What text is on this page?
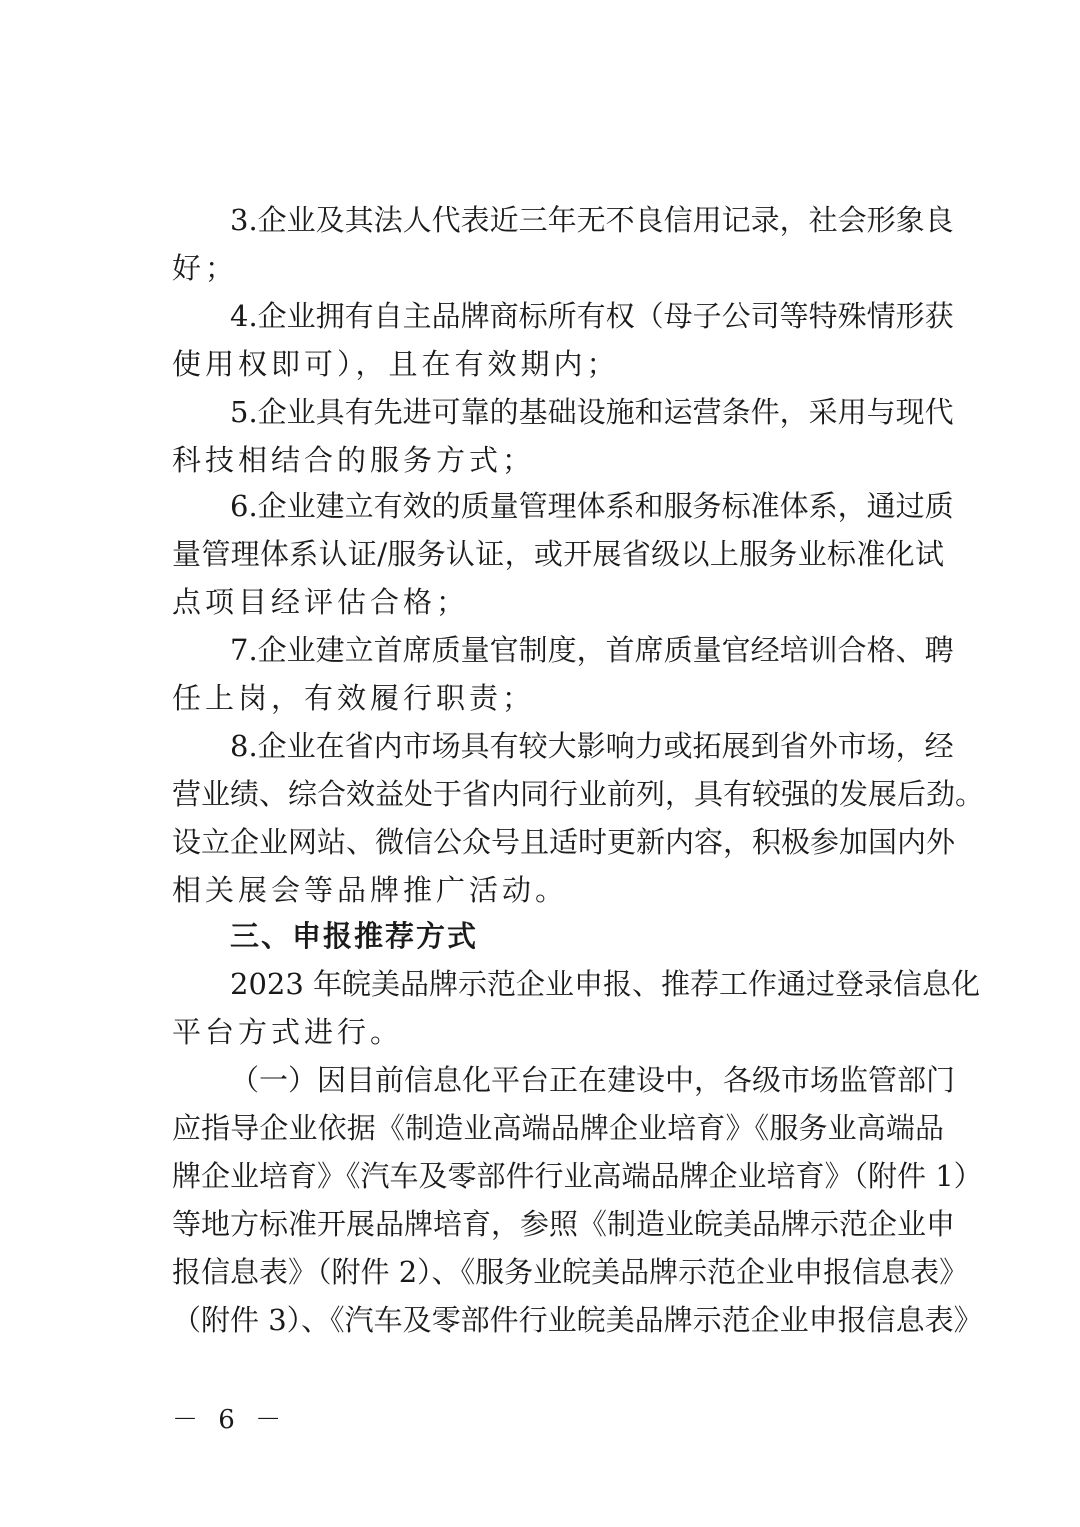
3.企业及其法人代表近三年无不良信用记录，社会形象良
好；
4.企业拥有自主品牌商标所有权（母子公司等特殊情形获
使用权即可），且在有效期内；
5.企业具有先进可靠的基础设施和运营条件，采用与现代
科技相结合的服务方式；
6.企业建立有效的质量管理体系和服务标准体系，通过质
量管理体系认证/服务认证，或开展省级以上服务业标准化试
点项目经评估合格；
7.企业建立首席质量官制度，首席质量官经培训合格、聘
任上岗，有效履行职责；
8.企业在省内市场具有较大影响力或拓展到省外市场，经
营业绩、综合效益处于省内同行业前列，具有较强的发展后劲。
设立企业网站、微信公众号且适时更新内容，积极参加国内外
相关展会等品牌推广活动。
三、申报推荐方式
2023 年皖美品牌示范企业申报、推荐工作通过登录信息化
平台方式进行。
（一）因目前信息化平台正在建设中，各级市场监管部门
应指导企业依据《制造业高端品牌企业培育》《服务业高端品
牌企业培育》《汽车及零部件行业高端品牌企业培育》（附件 1）
等地方标准开展品牌培育，参照《制造业皖美品牌示范企业申
报信息表》（附件 2）、《服务业皖美品牌示范企业申报信息表》
（附件 3）、《汽车及零部件行业皖美品牌示范企业申报信息表》
－ 6 －
